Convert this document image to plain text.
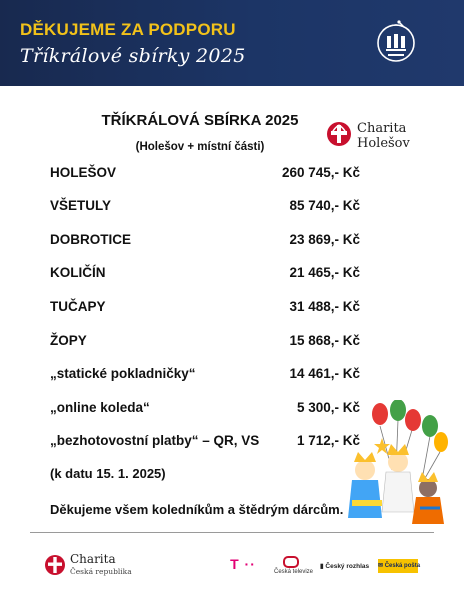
DĚKUJEME ZA PODPORU
Tříkrálové sbírky 2025
TŘÍKRÁLOVÁ SBÍRKA 2025
(Holešov + místní části)
Charita
Holešov
HOLEŠOV	260 745,- Kč
VŠETULY	85 740,- Kč
DOBROTICE	23 869,- Kč
KOLIČÍN	21 465,- Kč
TUČAPY	31 488,- Kč
ŽOPY	15 868,- Kč
„statické pokladničky“	14 461,- Kč
„online koleda“	5 300,- Kč
„bezhotovostní platby“ – QR, VS	1 712,- Kč
(k datu 15. 1. 2025)
Děkujeme všem koledníkům a štědrým dárcům.
Charita
Česká republika	T ··	Česká televize
▮ Český rozhlas ✉ Česká pošta
